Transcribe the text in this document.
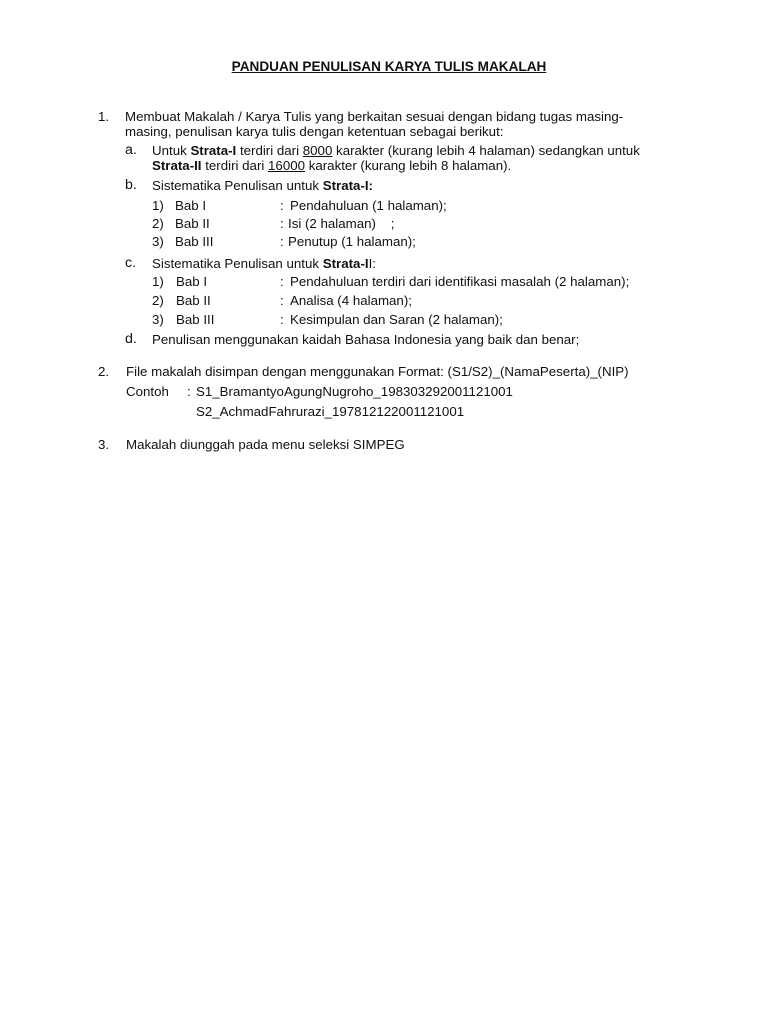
PANDUAN PENULISAN KARYA TULIS MAKALAH
1. Membuat Makalah / Karya Tulis yang berkaitan sesuai dengan bidang tugas masing-
masing, penulisan karya tulis dengan ketentuan sebagai berikut:
a. Untuk Strata-I terdiri dari 8000 karakter (kurang lebih 4 halaman) sedangkan untuk
Strata-II terdiri dari 16000 karakter (kurang lebih 8 halaman).
b. Sistematika Penulisan untuk Strata-I:
1) Bab I	: Pendahuluan (1 halaman);
2) Bab II	: Isi (2 halaman)    ;
3) Bab III	: Penutup (1 halaman);
c. Sistematika Penulisan untuk Strata-II:
1) Bab I	: Pendahuluan terdiri dari identifikasi masalah (2 halaman);
2) Bab II	: Analisa (4 halaman);
3) Bab III	: Kesimpulan dan Saran (2 halaman);
d. Penulisan menggunakan kaidah Bahasa Indonesia yang baik dan benar;
2. File makalah disimpan dengan menggunakan Format: (S1/S2)_(NamaPeserta)_(NIP)
Contoh : S1_BramantyoAgungNugroho_198303292001121001
S2_AchmadFahrurazi_197812122001121001
3. Makalah diunggah pada menu seleksi SIMPEG
